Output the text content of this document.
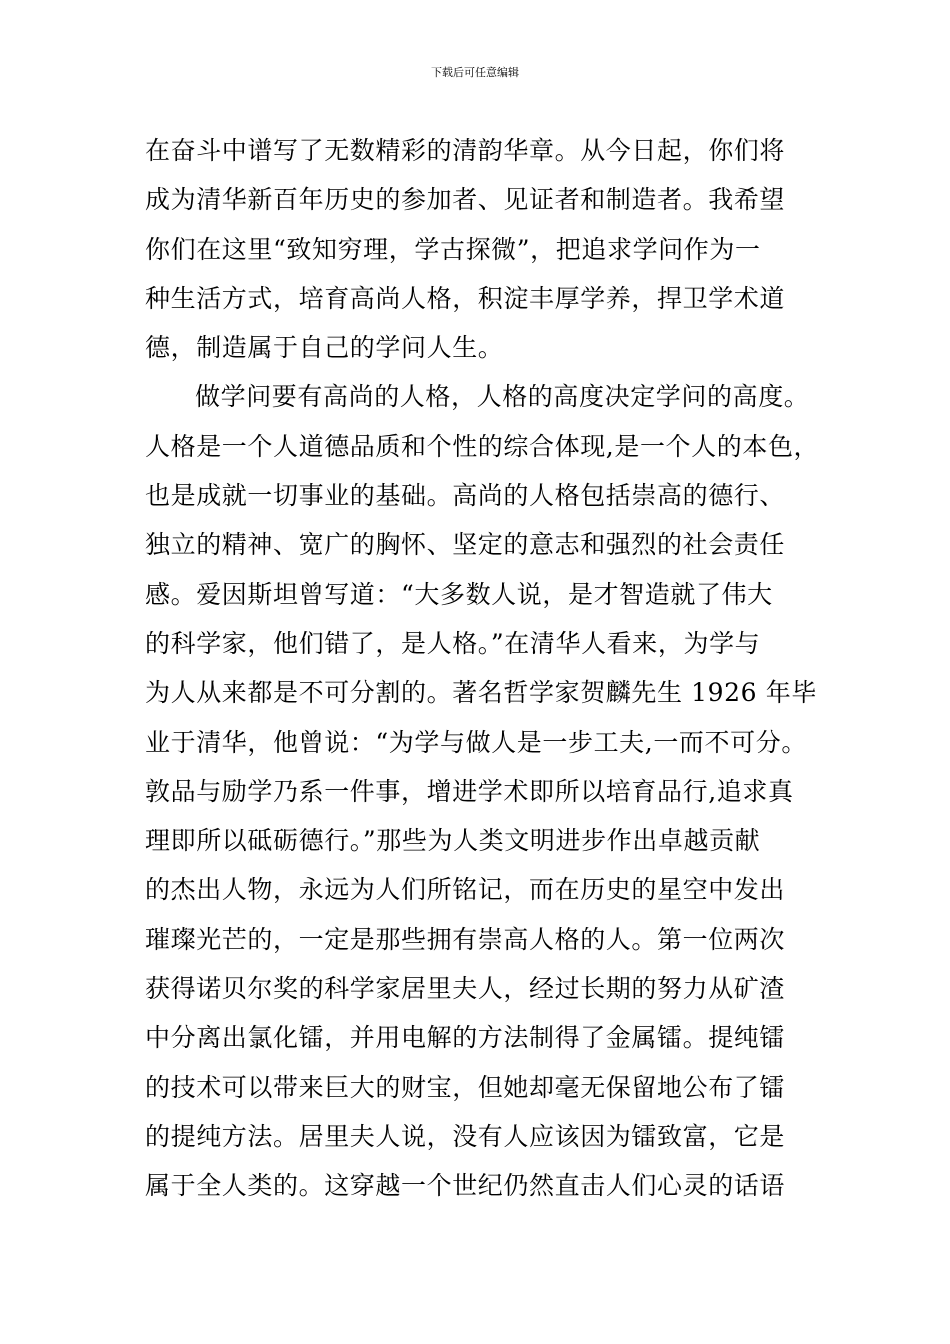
下载后可任意编辑
在奋斗中谱写了无数精彩的清韵华章。从今日起，你们将
成为清华新百年历史的参加者、见证者和制造者。我希望
你们在这里“致知穷理，学古探微”，把追求学问作为一
种生活方式，培育高尚人格，积淀丰厚学养，捍卫学术道
德，制造属于自己的学问人生。
做学问要有高尚的人格，人格的高度决定学问的高度。
人格是一个人道德品质和个性的综合体现,是一个人的本色，
也是成就一切事业的基础。高尚的人格包括崇高的德行、
独立的精神、宽广的胸怀、坚定的意志和强烈的社会责任
感。爱因斯坦曾写道：“大多数人说，是才智造就了伟大
的科学家，他们错了，是人格。”在清华人看来，为学与
为人从来都是不可分割的。著名哲学家贺麟先生 1926 年毕
业于清华，他曾说：“为学与做人是一步工夫,一而不可分。
敦品与励学乃系一件事，增进学术即所以培育品行,追求真
理即所以砥砺德行。”那些为人类文明进步作出卓越贡献
的杰出人物，永远为人们所铭记，而在历史的星空中发出
璀璨光芒的，一定是那些拥有崇高人格的人。第一位两次
获得诺贝尔奖的科学家居里夫人，经过长期的努力从矿渣
中分离出氯化镭，并用电解的方法制得了金属镭。提纯镭
的技术可以带来巨大的财宝，但她却毫无保留地公布了镭
的提纯方法。居里夫人说，没有人应该因为镭致富，它是
属于全人类的。这穿越一个世纪仍然直击人们心灵的话语
